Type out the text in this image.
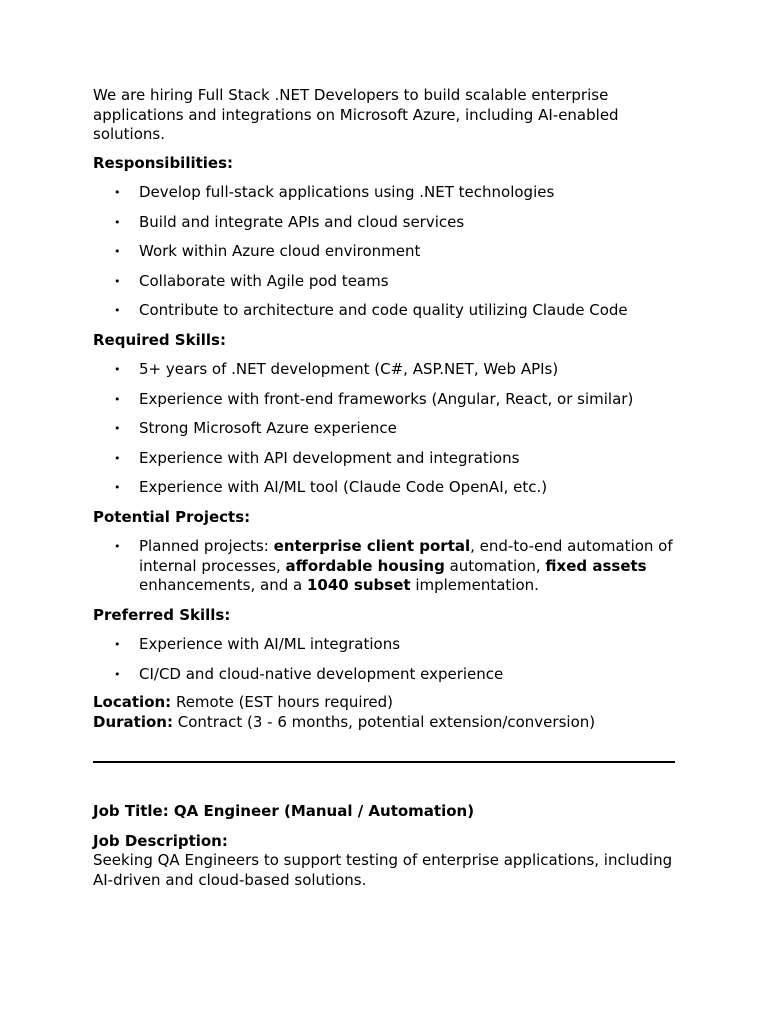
We are hiring Full Stack .NET Developers to build scalable enterprise applications and integrations on Microsoft Azure, including AI-enabled solutions.

Responsibilities:

• Develop full-stack applications using .NET technologies
• Build and integrate APIs and cloud services
• Work within Azure cloud environment
• Collaborate with Agile pod teams
• Contribute to architecture and code quality utilizing Claude Code

Required Skills:

• 5+ years of .NET development (C#, ASP.NET, Web APIs)
• Experience with front-end frameworks (Angular, React, or similar)
• Strong Microsoft Azure experience
• Experience with API development and integrations
• Experience with AI/ML tool (Claude Code OpenAI, etc.)

Potential Projects:

• Planned projects: enterprise client portal, end-to-end automation of internal processes, affordable housing automation, fixed assets enhancements, and a 1040 subset implementation.

Preferred Skills:

• Experience with AI/ML integrations
• CI/CD and cloud-native development experience

Location: Remote (EST hours required)

Duration: Contract (3 - 6 months, potential extension/conversion)

Job Title: QA Engineer (Manual / Automation)

Job Description:

Seeking QA Engineers to support testing of enterprise applications, including AI-driven and cloud-based solutions.
